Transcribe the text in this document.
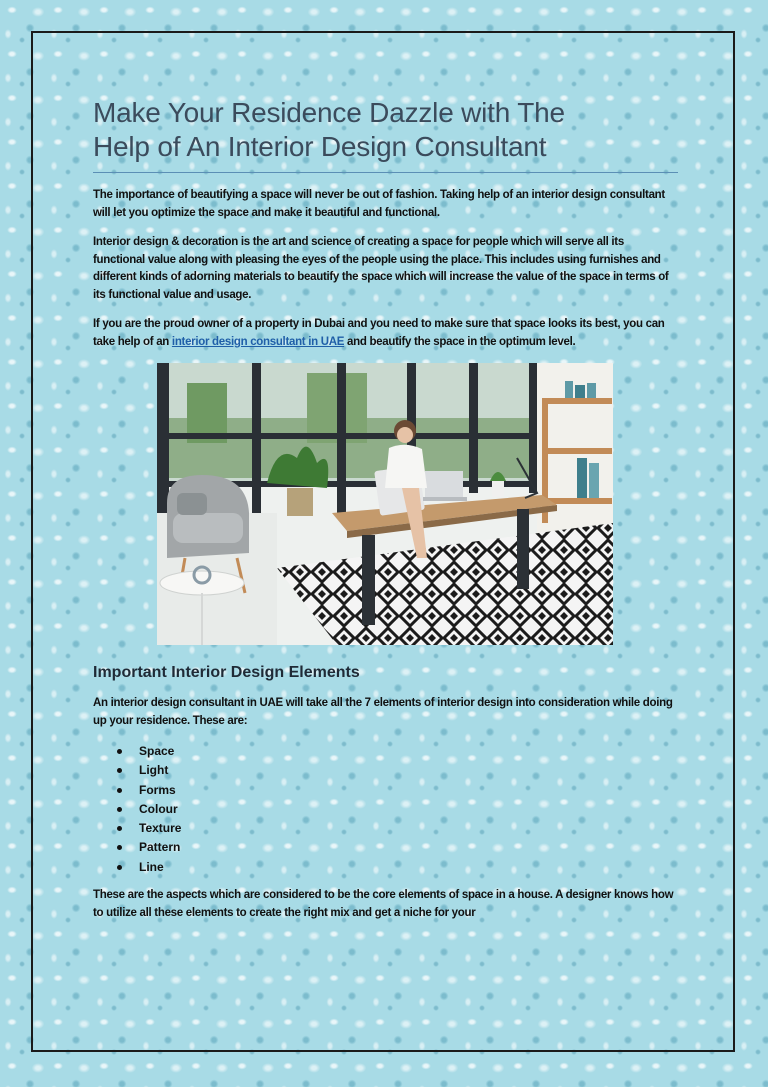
Make Your Residence Dazzle with The
Help of An Interior Design Consultant

The importance of beautifying a space will never be out of fashion. Taking help of an interior design consultant will let you optimize the space and make it beautiful and functional.

Interior design & decoration is the art and science of creating a space for people which will serve all its functional value along with pleasing the eyes of the people using the place. This includes using furnishes and different kinds of adorning materials to beautify the space which will increase the value of the space in terms of its functional value and usage.

If you are the proud owner of a property in Dubai and you need to make sure that space looks its best, you can take help of an interior design consultant in UAE and beautify the space in the optimum level.

Important Interior Design Elements

An interior design consultant in UAE will take all the 7 elements of interior design into consideration while doing up your residence. These are:

Space
Light
Forms
Colour
Texture
Pattern
Line

These are the aspects which are considered to be the core elements of space in a house. A designer knows how to utilize all these elements to create the right mix and get a niche for your
